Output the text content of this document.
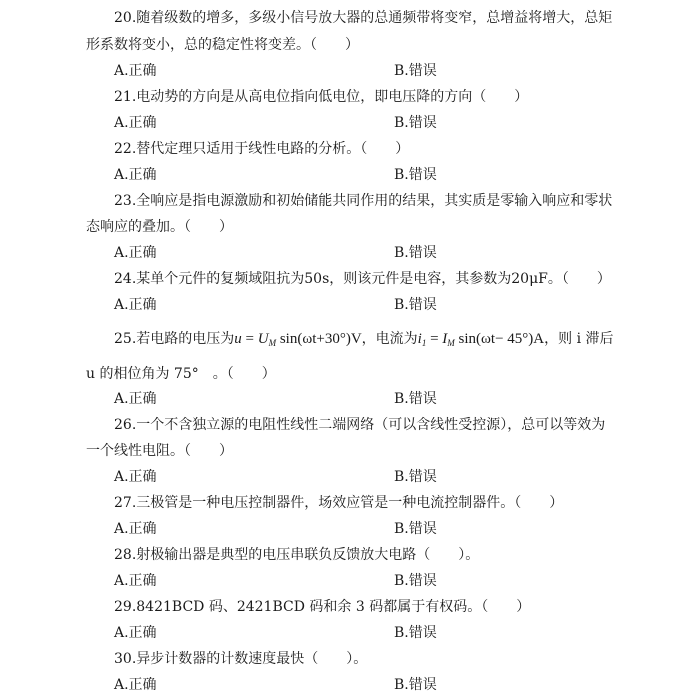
20.随着级数的增多，多级小信号放大器的总通频带将变窄，总增益将增大，总矩
形系数将变小，总的稳定性将变差。（　　）
A.正确	B.错误
21.电动势的方向是从高电位指向低电位，即电压降的方向（　　）
A.正确	B.错误
22.替代定理只适用于线性电路的分析。（　　）
A.正确	B.错误
23.全响应是指电源激励和初始储能共同作用的结果，其实质是零输入响应和零状
态响应的叠加。（　　）
A.正确	B.错误
24.某单个元件的复频域阻抗为50s，则该元件是电容，其参数为20μF。（　　）
A.正确	B.错误
25.若电路的电压为$u = U_M$ sin(ωt+30°)V，电流为$i_1 = I_M$ sin(ωt− 45°)A，则 i 滞后
u 的相位角为 75°　。（　　）
A.正确	B.错误
26.一个不含独立源的电阻性线性二端网络（可以含线性受控源），总可以等效为
一个线性电阻。（　　）
A.正确	B.错误
27.三极管是一种电压控制器件，场效应管是一种电流控制器件。（　　）
A.正确	B.错误
28.射极输出器是典型的电压串联负反馈放大电路（　　）。
A.正确	B.错误
29.8421BCD 码、2421BCD 码和余 3 码都属于有权码。（　　）
A.正确	B.错误
30.异步计数器的计数速度最快（　　）。
A.正确	B.错误
